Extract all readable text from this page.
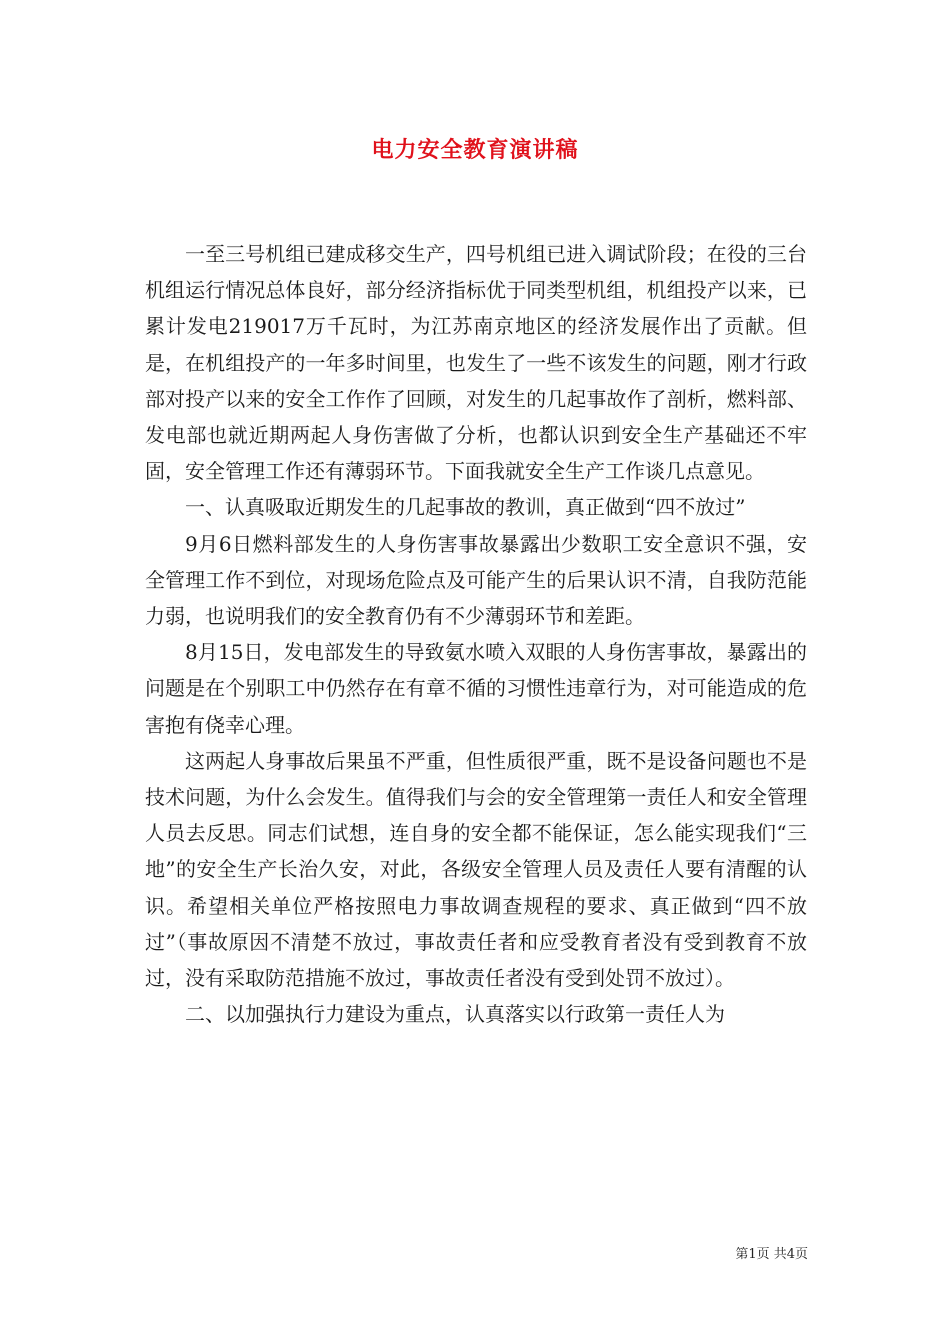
电力安全教育演讲稿

一至三号机组已建成移交生产，四号机组已进入调试阶段；在役的三台机组运行情况总体良好，部分经济指标优于同类型机组，机组投产以来，已累计发电219017万千瓦时，为江苏南京地区的经济发展作出了贡献。但是，在机组投产的一年多时间里，也发生了一些不该发生的问题，刚才行政部对投产以来的安全工作作了回顾，对发生的几起事故作了剖析，燃料部、发电部也就近期两起人身伤害做了分析，也都认识到安全生产基础还不牢固，安全管理工作还有薄弱环节。下面我就安全生产工作谈几点意见。

一、认真吸取近期发生的几起事故的教训，真正做到“四不放过”

9月6日燃料部发生的人身伤害事故暴露出少数职工安全意识不强，安全管理工作不到位，对现场危险点及可能产生的后果认识不清，自我防范能力弱，也说明我们的安全教育仍有不少薄弱环节和差距。

8月15日，发电部发生的导致氨水喷入双眼的人身伤害事故，暴露出的问题是在个别职工中仍然存在有章不循的习惯性违章行为，对可能造成的危害抱有侥幸心理。

这两起人身事故后果虽不严重，但性质很严重，既不是设备问题也不是技术问题，为什么会发生。值得我们与会的安全管理第一责任人和安全管理人员去反思。同志们试想，连自身的安全都不能保证，怎么能实现我们“三地”的安全生产长治久安，对此，各级安全管理人员及责任人要有清醒的认识。希望相关单位严格按照电力事故调查规程的要求、真正做到“四不放过”（事故原因不清楚不放过，事故责任者和应受教育者没有受到教育不放过，没有采取防范措施不放过，事故责任者没有受到处罚不放过）。

二、以加强执行力建设为重点，认真落实以行政第一责任人为

第1页 共4页
